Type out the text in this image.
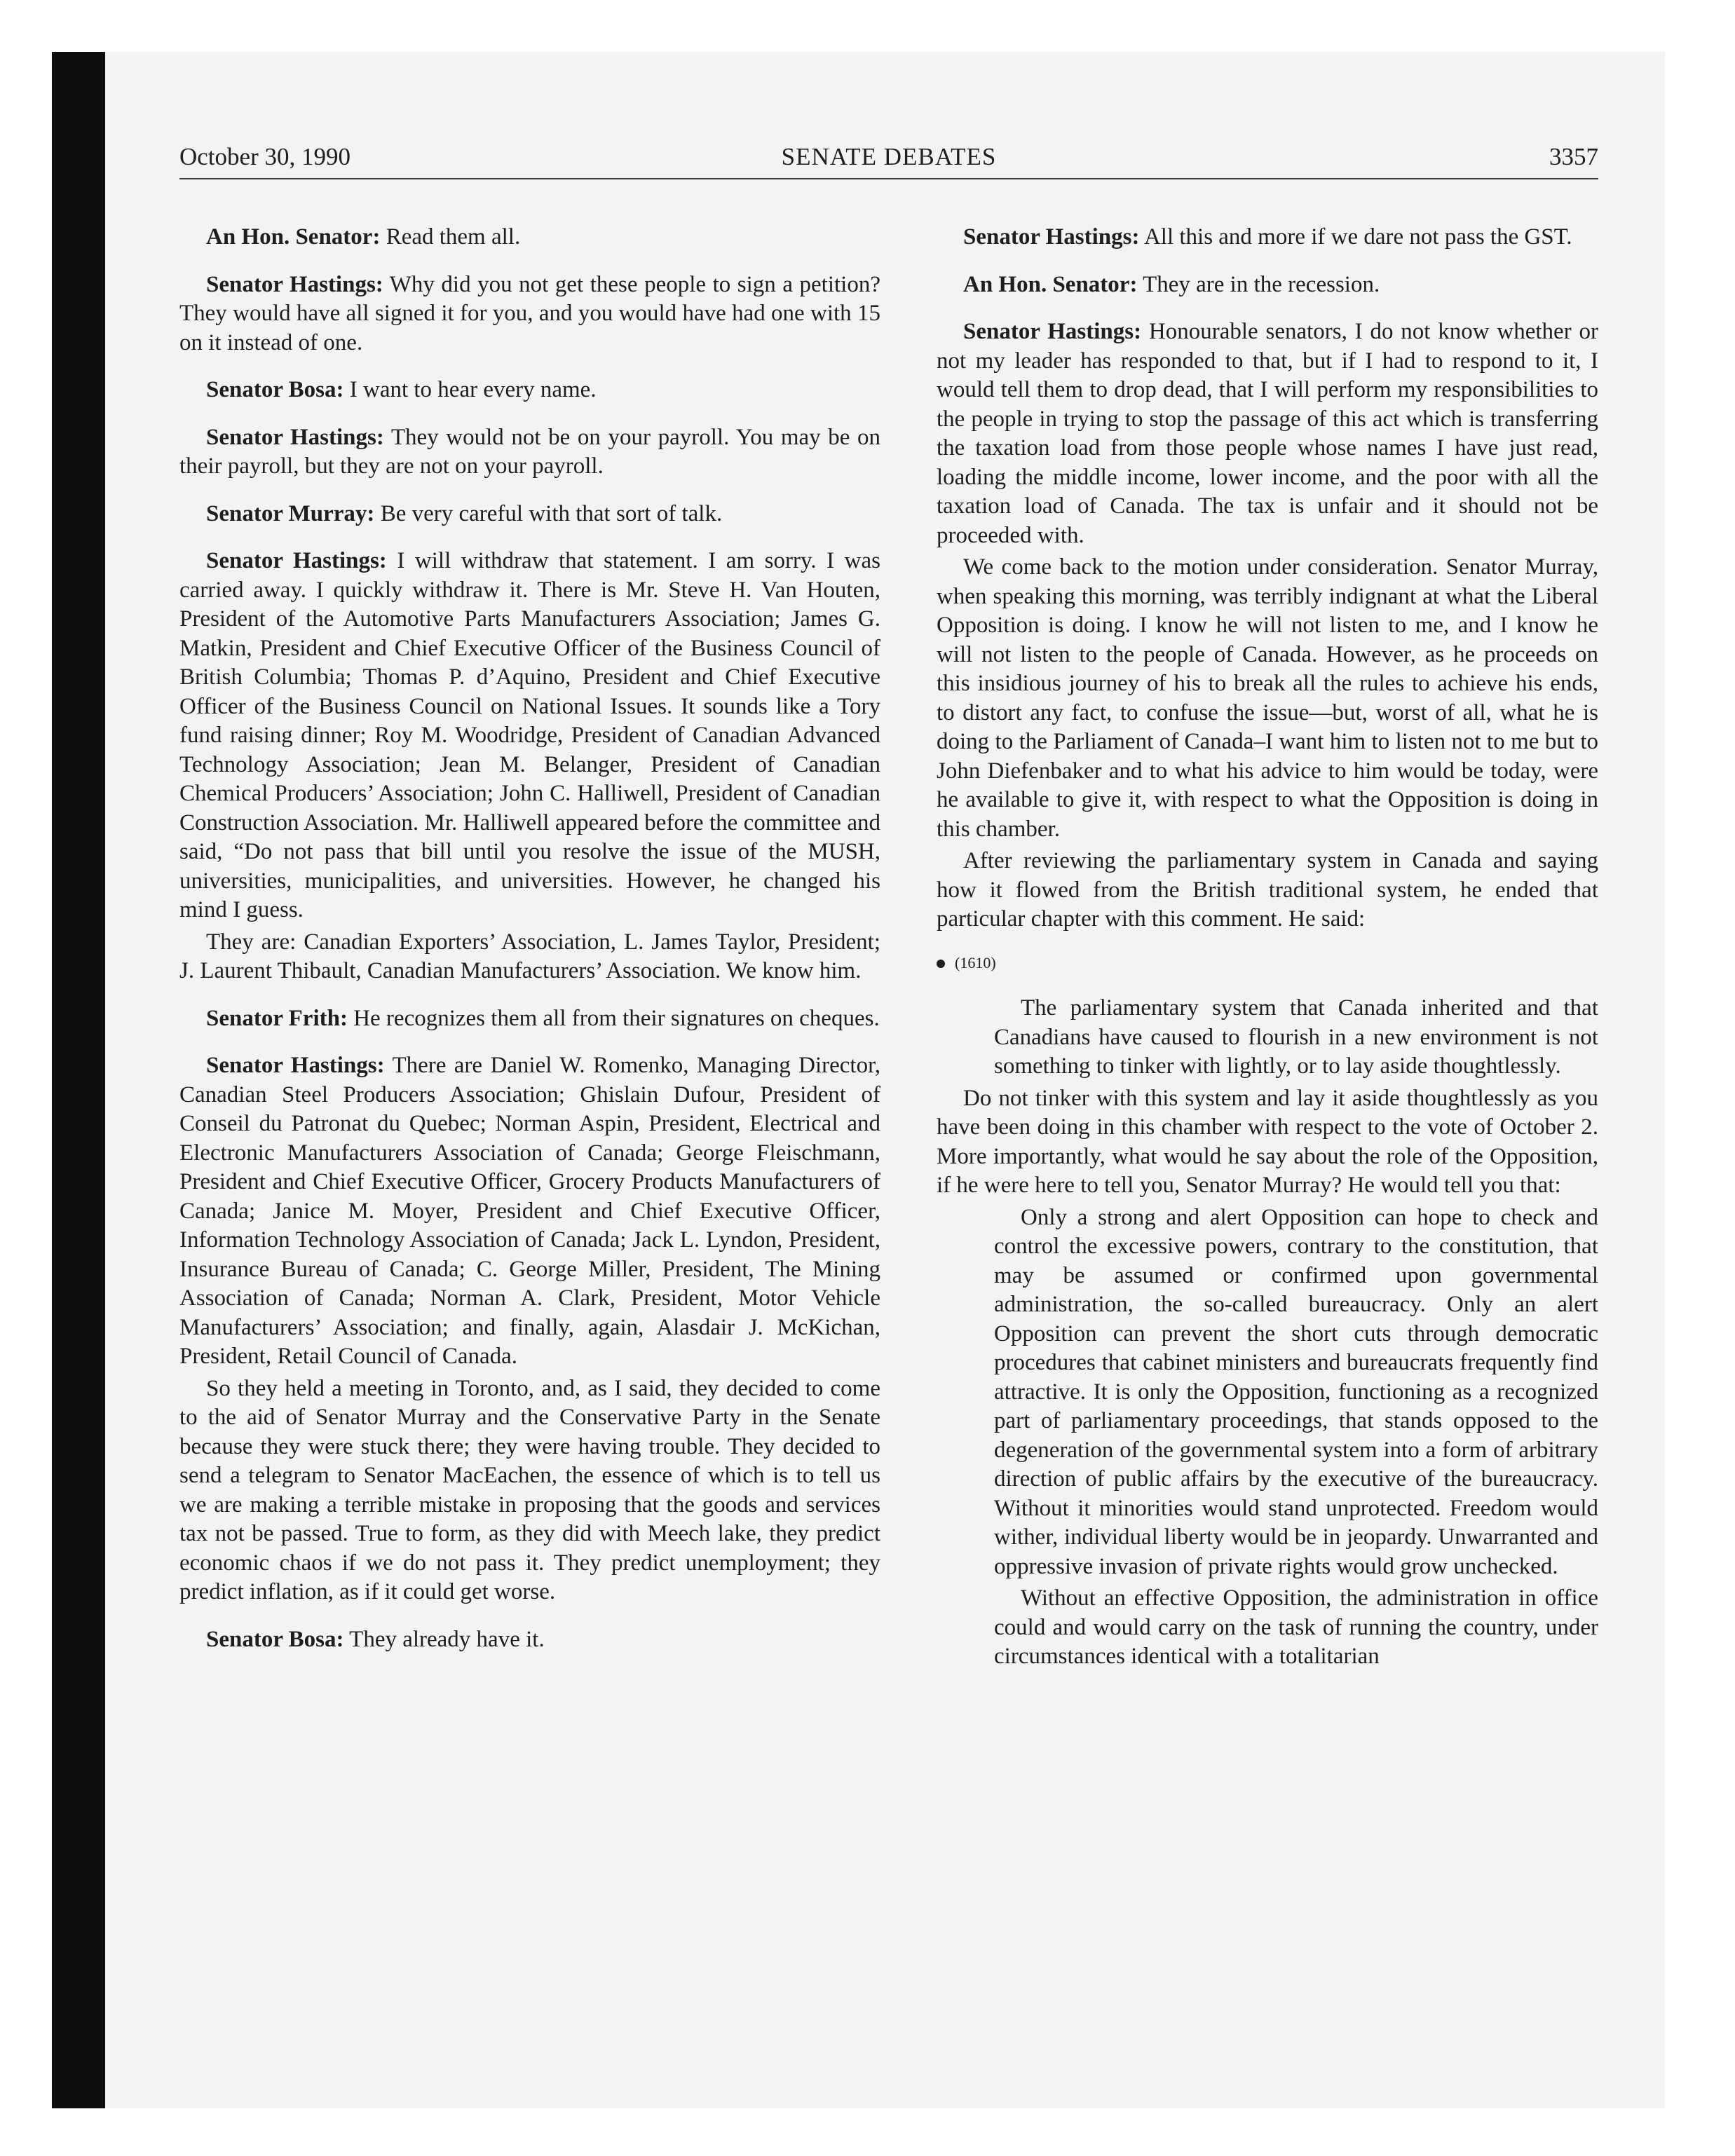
October 30, 1990	SENATE DEBATES	3357

An Hon. Senator: Read them all.

Senator Hastings: Why did you not get these people to sign a petition? They would have all signed it for you, and you would have had one with 15 on it instead of one.

Senator Bosa: I want to hear every name.

Senator Hastings: They would not be on your payroll. You may be on their payroll, but they are not on your payroll.

Senator Murray: Be very careful with that sort of talk.

Senator Hastings: I will withdraw that statement. I am sorry. I was carried away. I quickly withdraw it. There is Mr. Steve H. Van Houten, President of the Automotive Parts Manufacturers Association; James G. Matkin, President and Chief Executive Officer of the Business Council of British Columbia; Thomas P. d’Aquino, President and Chief Executive Officer of the Business Council on National Issues. It sounds like a Tory fund raising dinner; Roy M. Woodridge, President of Canadian Advanced Technology Association; Jean M. Belanger, President of Canadian Chemical Producers’ Association; John C. Halliwell, President of Canadian Construction Association. Mr. Halliwell appeared before the committee and said, “Do not pass that bill until you resolve the issue of the MUSH, universities, municipalities, and universities. However, he changed his mind I guess.

They are: Canadian Exporters’ Association, L. James Taylor, President; J. Laurent Thibault, Canadian Manufacturers’ Association. We know him.

Senator Frith: He recognizes them all from their signatures on cheques.

Senator Hastings: There are Daniel W. Romenko, Managing Director, Canadian Steel Producers Association; Ghislain Dufour, President of Conseil du Patronat du Quebec; Norman Aspin, President, Electrical and Electronic Manufacturers Association of Canada; George Fleischmann, President and Chief Executive Officer, Grocery Products Manufacturers of Canada; Janice M. Moyer, President and Chief Executive Officer, Information Technology Association of Canada; Jack L. Lyndon, President, Insurance Bureau of Canada; C. George Miller, President, The Mining Association of Canada; Norman A. Clark, President, Motor Vehicle Manufacturers’ Association; and finally, again, Alasdair J. McKichan, President, Retail Council of Canada.

So they held a meeting in Toronto, and, as I said, they decided to come to the aid of Senator Murray and the Conservative Party in the Senate because they were stuck there; they were having trouble. They decided to send a telegram to Senator MacEachen, the essence of which is to tell us we are making a terrible mistake in proposing that the goods and services tax not be passed. True to form, as they did with Meech lake, they predict economic chaos if we do not pass it. They predict unemployment; they predict inflation, as if it could get worse.

Senator Bosa: They already have it.

Senator Hastings: All this and more if we dare not pass the GST.

An Hon. Senator: They are in the recession.

Senator Hastings: Honourable senators, I do not know whether or not my leader has responded to that, but if I had to respond to it, I would tell them to drop dead, that I will perform my responsibilities to the people in trying to stop the passage of this act which is transferring the taxation load from those people whose names I have just read, loading the middle income, lower income, and the poor with all the taxation load of Canada. The tax is unfair and it should not be proceeded with.

We come back to the motion under consideration. Senator Murray, when speaking this morning, was terribly indignant at what the Liberal Opposition is doing. I know he will not listen to me, and I know he will not listen to the people of Canada. However, as he proceeds on this insidious journey of his to break all the rules to achieve his ends, to distort any fact, to confuse the issue—but, worst of all, what he is doing to the Parliament of Canada–I want him to listen not to me but to John Diefenbaker and to what his advice to him would be today, were he available to give it, with respect to what the Opposition is doing in this chamber.

After reviewing the parliamentary system in Canada and saying how it flowed from the British traditional system, he ended that particular chapter with this comment. He said:

(1610)

The parliamentary system that Canada inherited and that Canadians have caused to flourish in a new environment is not something to tinker with lightly, or to lay aside thoughtlessly.

Do not tinker with this system and lay it aside thoughtlessly as you have been doing in this chamber with respect to the vote of October 2. More importantly, what would he say about the role of the Opposition, if he were here to tell you, Senator Murray? He would tell you that:

Only a strong and alert Opposition can hope to check and control the excessive powers, contrary to the constitution, that may be assumed or confirmed upon governmental administration, the so-called bureaucracy. Only an alert Opposition can prevent the short cuts through democratic procedures that cabinet ministers and bureaucrats frequently find attractive. It is only the Opposition, functioning as a recognized part of parliamentary proceedings, that stands opposed to the degeneration of the governmental system into a form of arbitrary direction of public affairs by the executive of the bureaucracy. Without it minorities would stand unprotected. Freedom would wither, individual liberty would be in jeopardy. Unwarranted and oppressive invasion of private rights would grow unchecked.

Without an effective Opposition, the administration in office could and would carry on the task of running the country, under circumstances identical with a totalitarian
